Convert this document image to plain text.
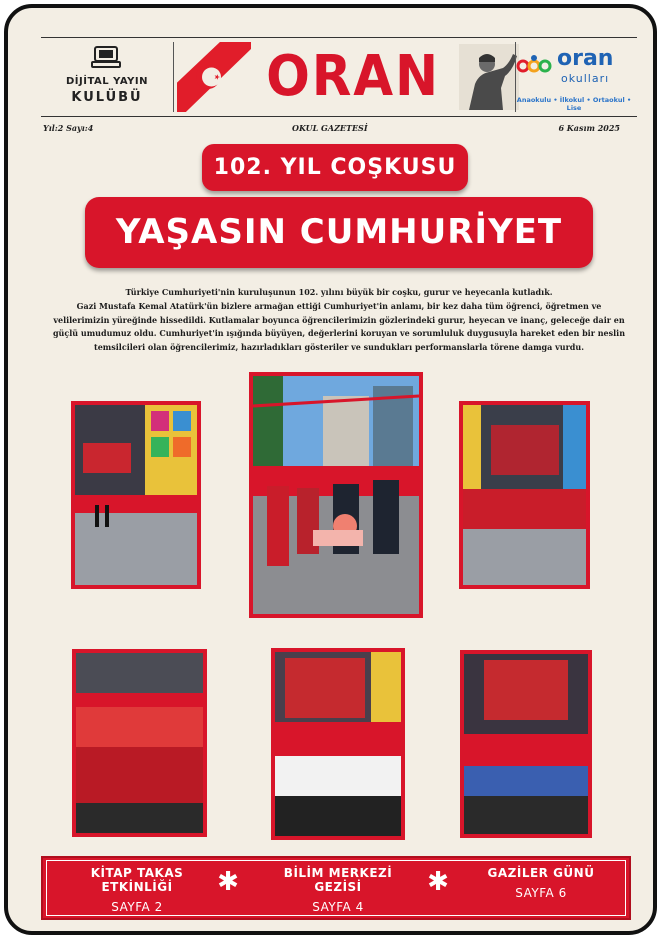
DİJİTAL YAYIN
KULÜBÜ	ORAN	oran
okulları
Anaokulu • İlkokul • Ortaokul • Lise
Yıl:2 Sayı:4	OKUL GAZETESİ	6 Kasım 2025
102. YIL COŞKUSU
YAŞASIN CUMHURİYET
Türkiye Cumhuriyeti'nin kuruluşunun 102. yılını büyük bir coşku, gurur ve heyecanla kutladık.
Gazi Mustafa Kemal Atatürk'ün bizlere armağan ettiği Cumhuriyet'in anlamı, bir kez daha tüm öğrenci, öğretmen ve velilerimizin yüreğinde hissedildi. Kutlamalar boyunca öğrencilerimizin gözlerindeki gurur, heyecan ve inanç, geleceğe dair en güçlü umudumuz oldu. Cumhuriyet'in ışığında büyüyen, değerlerini koruyan ve sorumluluk duygusuyla hareket eden bir neslin temsilcileri olan öğrencilerimiz, hazırladıkları gösteriler ve sundukları performanslarla törene damga vurdu.
KİTAP TAKAS ETKİNLİĞİ
SAYFA 2
✱	BİLİM MERKEZİ GEZİSİ
SAYFA 4
✱	GAZİLER GÜNÜ
SAYFA 6
